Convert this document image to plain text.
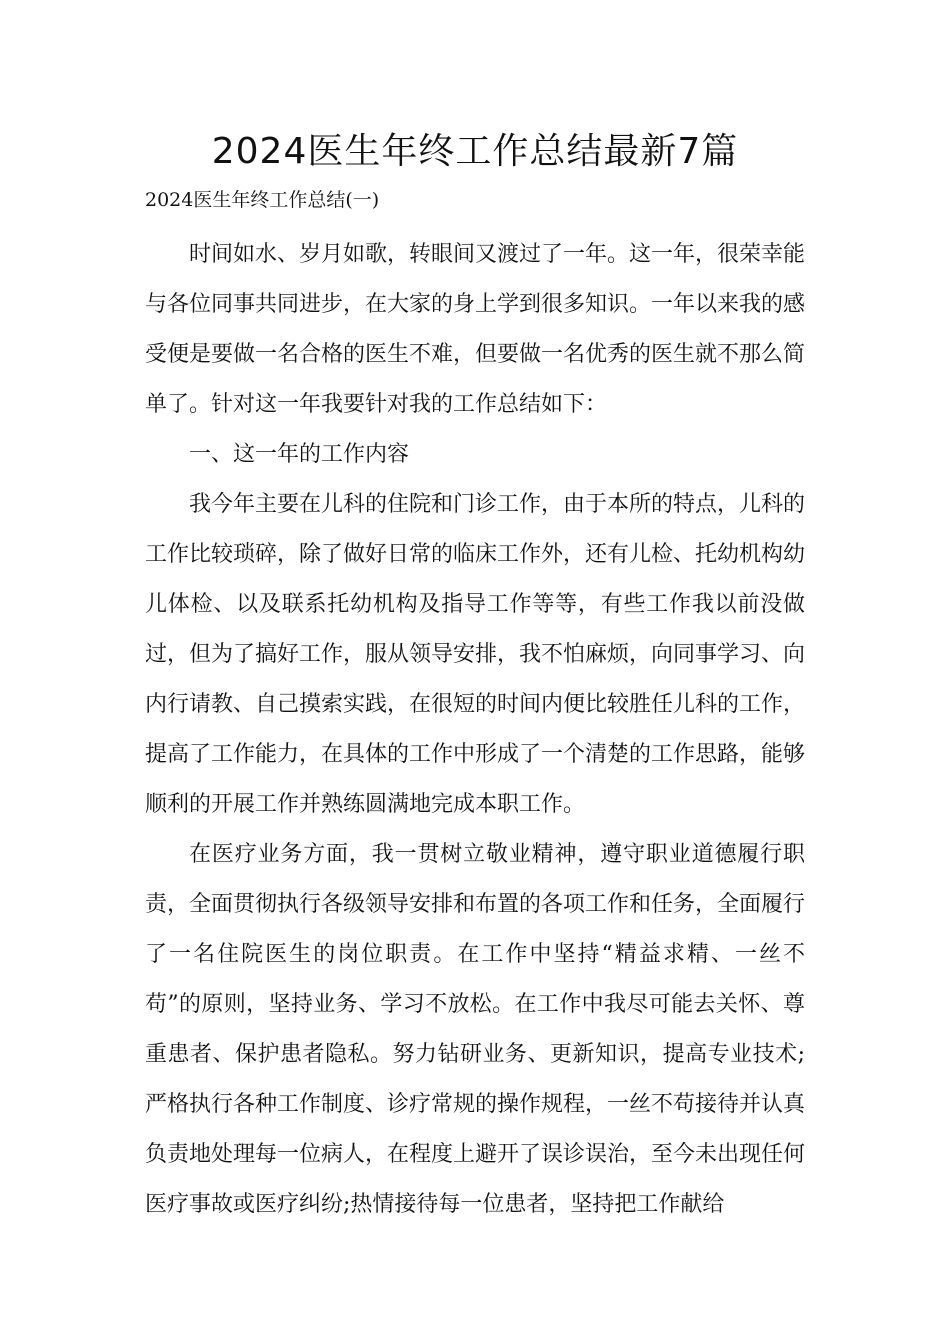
2024医生年终工作总结最新7篇

2024医生年终工作总结(一)

时间如水、岁月如歌，转眼间又渡过了一年。这一年，很荣幸能与各位同事共同进步，在大家的身上学到很多知识。一年以来我的感受便是要做一名合格的医生不难，但要做一名优秀的医生就不那么简单了。针对这一年我要针对我的工作总结如下：

一、这一年的工作内容

我今年主要在儿科的住院和门诊工作，由于本所的特点，儿科的工作比较琐碎，除了做好日常的临床工作外，还有儿检、托幼机构幼儿体检、以及联系托幼机构及指导工作等等，有些工作我以前没做过，但为了搞好工作，服从领导安排，我不怕麻烦，向同事学习、向内行请教、自己摸索实践，在很短的时间内便比较胜任儿科的工作，提高了工作能力，在具体的工作中形成了一个清楚的工作思路，能够顺利的开展工作并熟练圆满地完成本职工作。

在医疗业务方面，我一贯树立敬业精神，遵守职业道德履行职责，全面贯彻执行各级领导安排和布置的各项工作和任务，全面履行了一名住院医生的岗位职责。在工作中坚持“精益求精、一丝不苟”的原则，坚持业务、学习不放松。在工作中我尽可能去关怀、尊重患者、保护患者隐私。努力钻研业务、更新知识，提高专业技术;严格执行各种工作制度、诊疗常规的操作规程，一丝不苟接待并认真负责地处理每一位病人，在程度上避开了误诊误治，至今未出现任何医疗事故或医疗纠纷;热情接待每一位患者，坚持把工作献给
